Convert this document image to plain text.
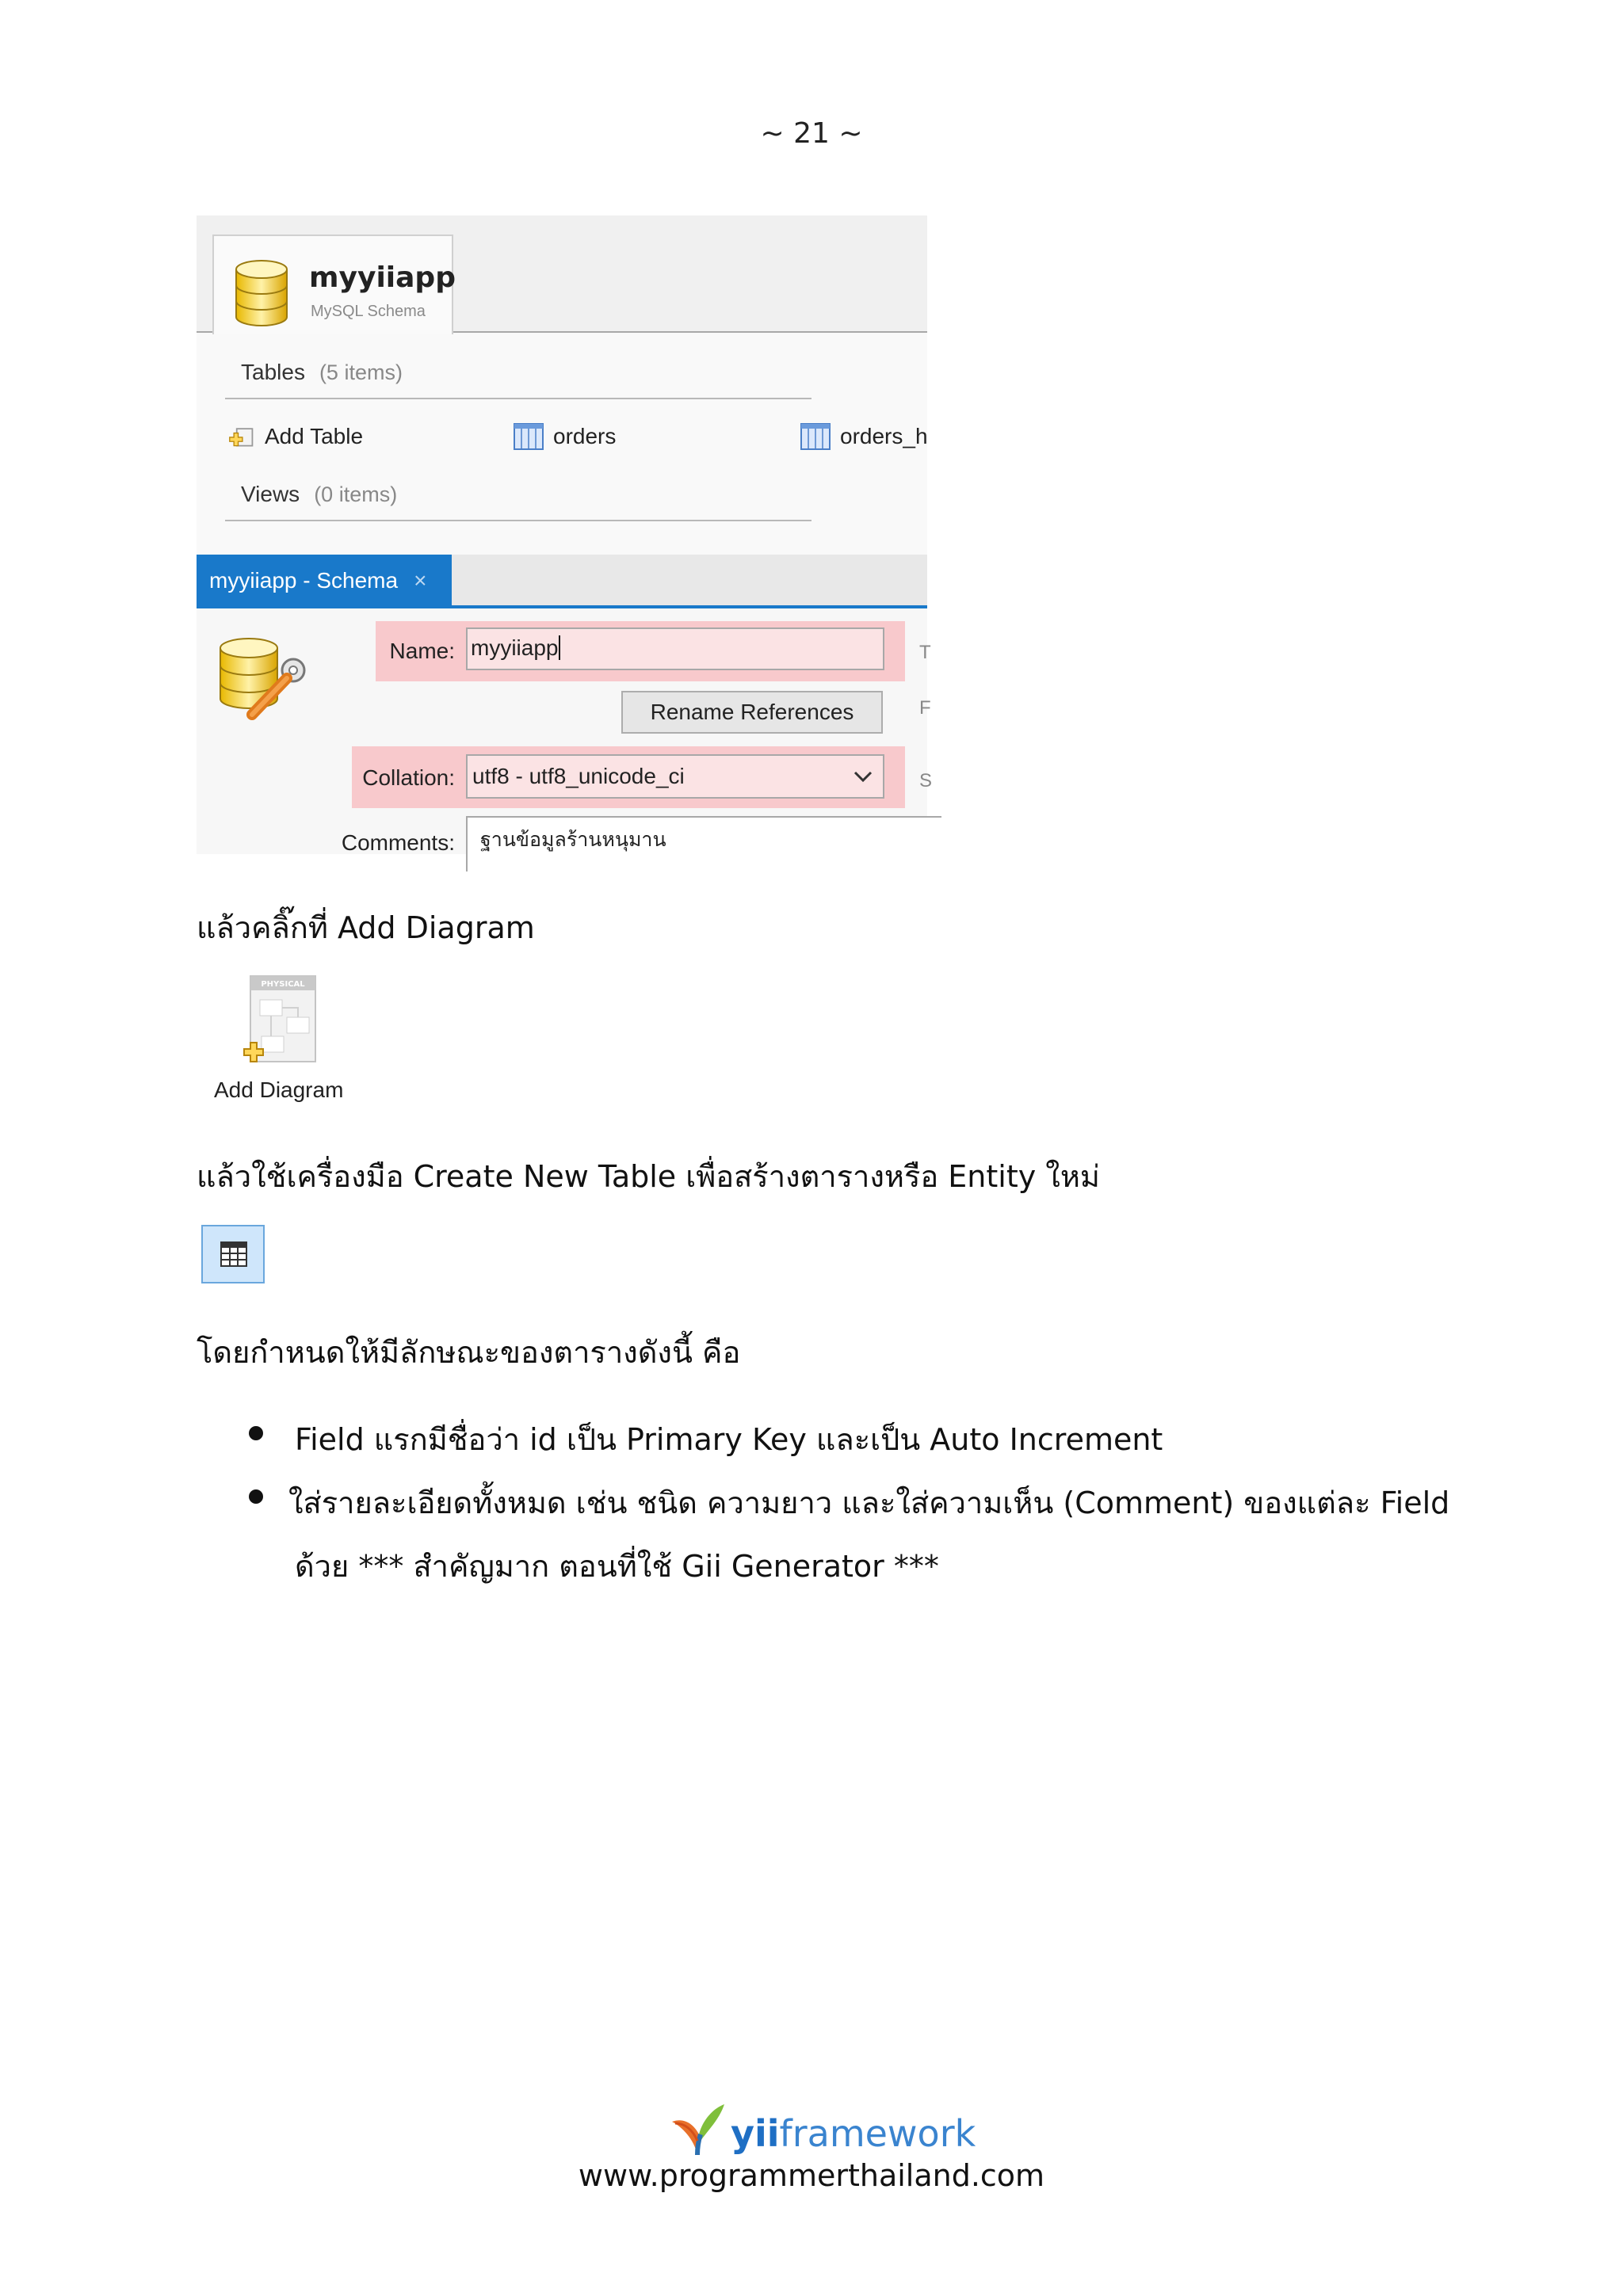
~ 21 ~
myyiiapp
MySQL Schema
Tables (5 items)
Add Table	orders	orders_h
Views (0 items)
myyiiapp - Schema ×
Name: myyiiapp	T
Rename References	F
Collation: utf8 - utf8_unicode_ci	S
Comments:	ฐานข้อมูลร้านหนุมาน
แล้วคลิ๊กที่ Add Diagram
PHYSICAL
Add Diagram
แล้วใช้เครื่องมือ Create New Table เพื่อสร้างตารางหรือ Entity ใหม่
โดยกำหนดให้มีลักษณะของตารางดังนี้ คือ
Field แรกมีชื่อว่า id เป็น Primary Key และเป็น Auto Increment
ใส่รายละเอียดทั้งหมด เช่น ชนิด ความยาว และใส่ความเห็น (Comment) ของแต่ละ Field
ด้วย *** สำคัญมาก ตอนที่ใช้ Gii Generator ***
yiiframework
www.programmerthailand.com
